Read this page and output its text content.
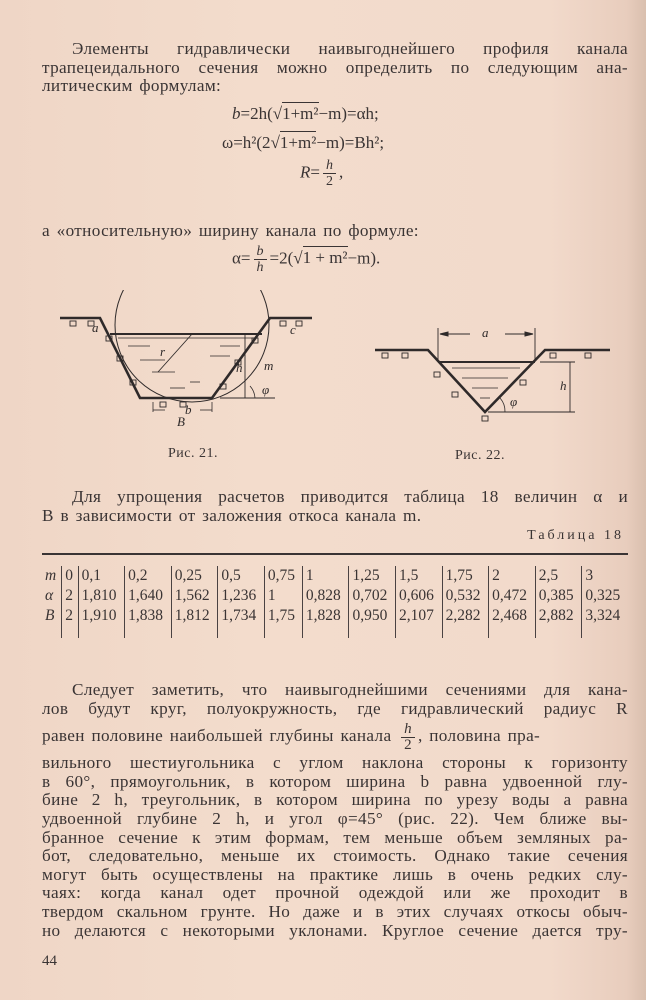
Элементы гидравлически наивыгоднейшего профиля канала
трапецеидального сечения можно определить по следующим ана-
литическим формулам:
b=2h(√1+m²−m)=αh;
ω=h²(2√1+m²−m)=Bh²;
$R= \frac{h}{2}$ ,
а «относительную» ширину канала по формуле:
$\alpha= \frac{b}{h} =2(√1 + m^2-m)$.
r
h m
φ
b
B
a	c
Рис. 21.
a
h
φ
Рис. 22.
Для упрощения расчетов приводится таблица 18 величин α и
B в зависимости от заложения откоса канала m.
Таблица 18
m	0	0,1	0,2	0,25	0,5	0,75	1	1,25	1,5	1,75	2	2,5	3
α	2	1,810	1,640	1,562	1,236	1	0,828	0,702	0,606	0,532	0,472	0,385	0,325
B	2	1,910	1,838	1,812	1,734	1,75	1,828	0,950	2,107	2,282	2,468	2,882	3,324

Следует заметить, что наивыгоднейшими сечениями для кана-
лов будут круг, полуокружность, где гидравлический радиус R
равен половине наибольшей глубины канала $\frac{h}{2}$ , половина пра-
вильного шестиугольника с углом наклона стороны к горизонту
в 60°, прямоугольник, в котором ширина b равна удвоенной глу-
бине 2 h, треугольник, в котором ширина по урезу воды a равна
удвоенной глубине 2 h, и угол φ=45° (рис. 22). Чем ближе вы-
бранное сечение к этим формам, тем меньше объем земляных ра-
бот, следовательно, меньше их стоимость. Однако такие сечения
могут быть осуществлены на практике лишь в очень редких слу-
чаях: когда канал одет прочной одеждой или же проходит в
твердом скальном грунте. Но даже и в этих случаях откосы обыч-
но делаются с некоторыми уклонами. Круглое сечение дается тру-
44
